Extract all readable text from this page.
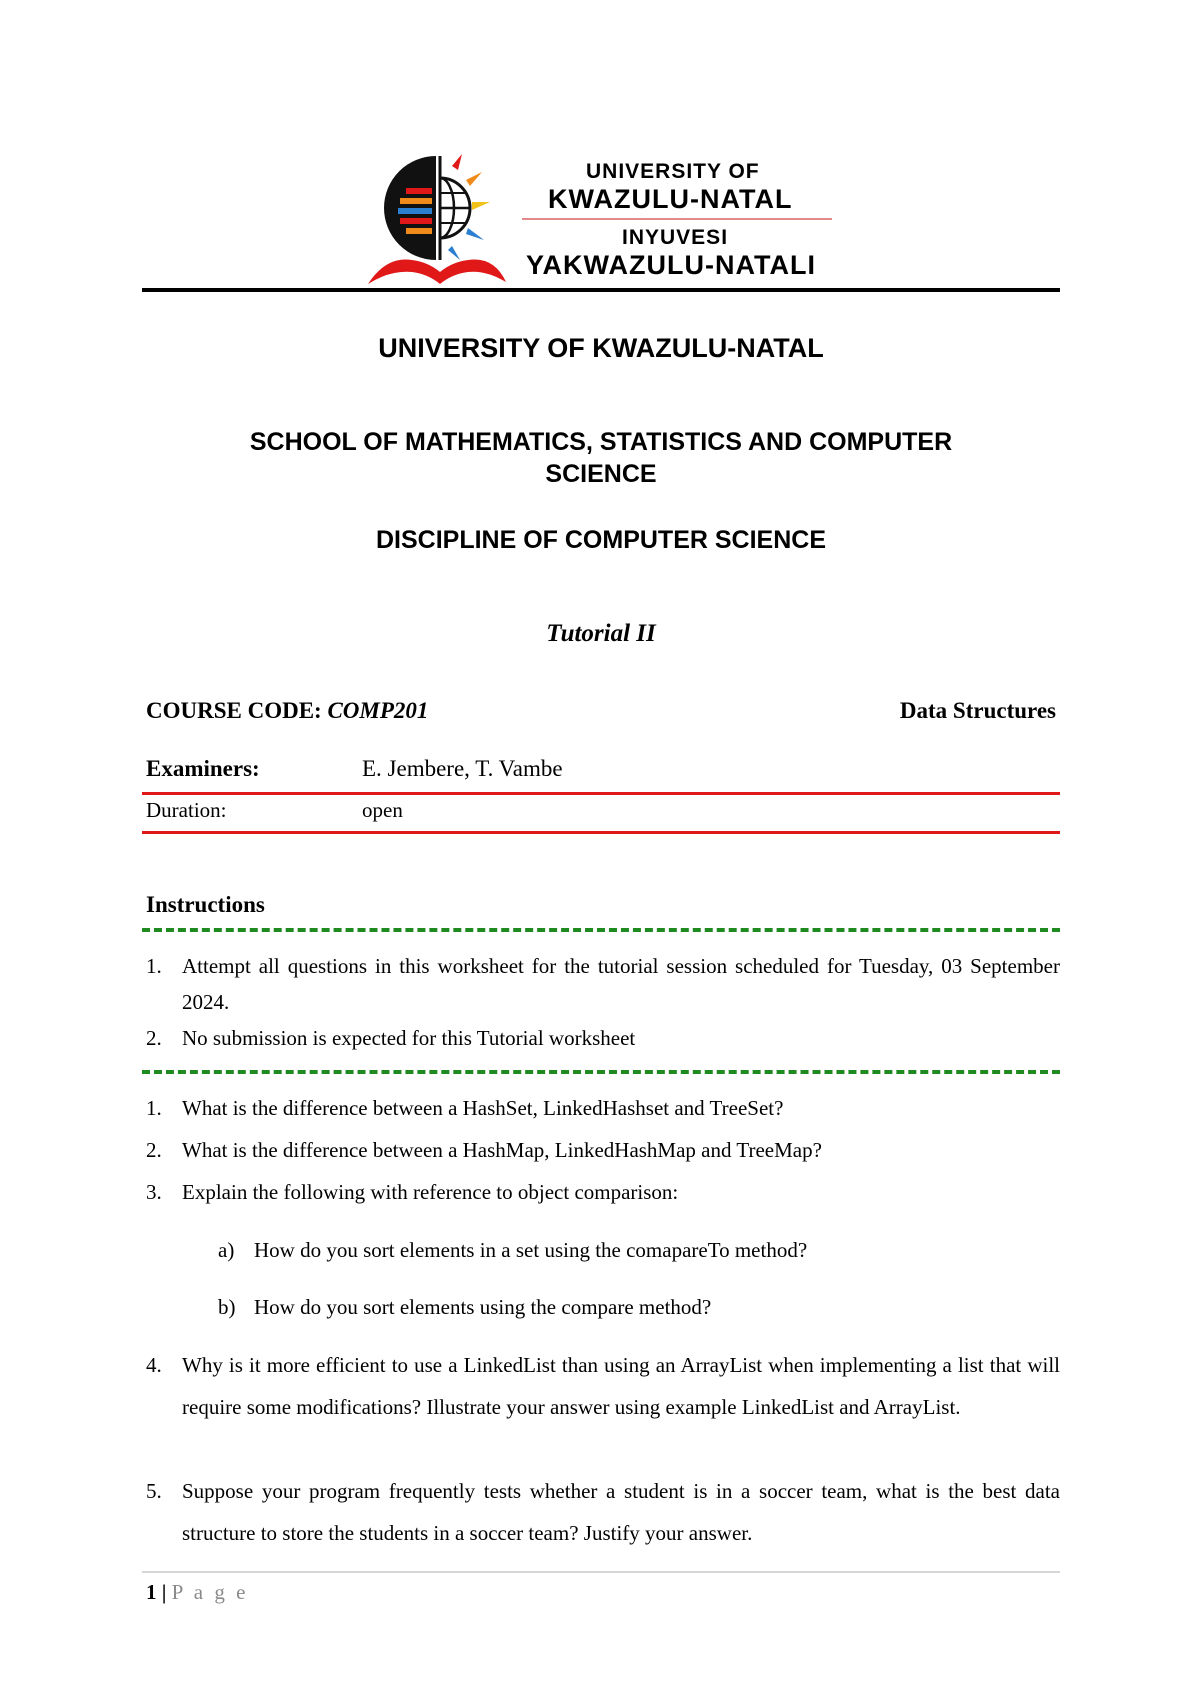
UNIVERSITY OF
KWAZULU-NATAL
INYUVESI
YAKWAZULU-NATALI
UNIVERSITY OF KWAZULU-NATAL
SCHOOL OF MATHEMATICS, STATISTICS AND COMPUTER
SCIENCE
DISCIPLINE OF COMPUTER SCIENCE
Tutorial II
COURSE CODE: COMP201	Data Structures
Examiners:	E. Jembere, T. Vambe
Duration:	open
Instructions
1. Attempt all questions in this worksheet for the tutorial session scheduled for Tuesday, 03 September 2024.
2. No submission is expected for this Tutorial worksheet
1. What is the difference between a HashSet, LinkedHashset and TreeSet?
2. What is the difference between a HashMap, LinkedHashMap and TreeMap?
3. Explain the following with reference to object comparison:
a) How do you sort elements in a set using the comapareTo method?
b) How do you sort elements using the compare method?
4. Why is it more efficient to use a LinkedList than using an ArrayList when implementing a list that will require some modifications? Illustrate your answer using example LinkedList and ArrayList.
5. Suppose your program frequently tests whether a student is in a soccer team, what is the best data structure to store the students in a soccer team? Justify your answer.
1 | P a g e
